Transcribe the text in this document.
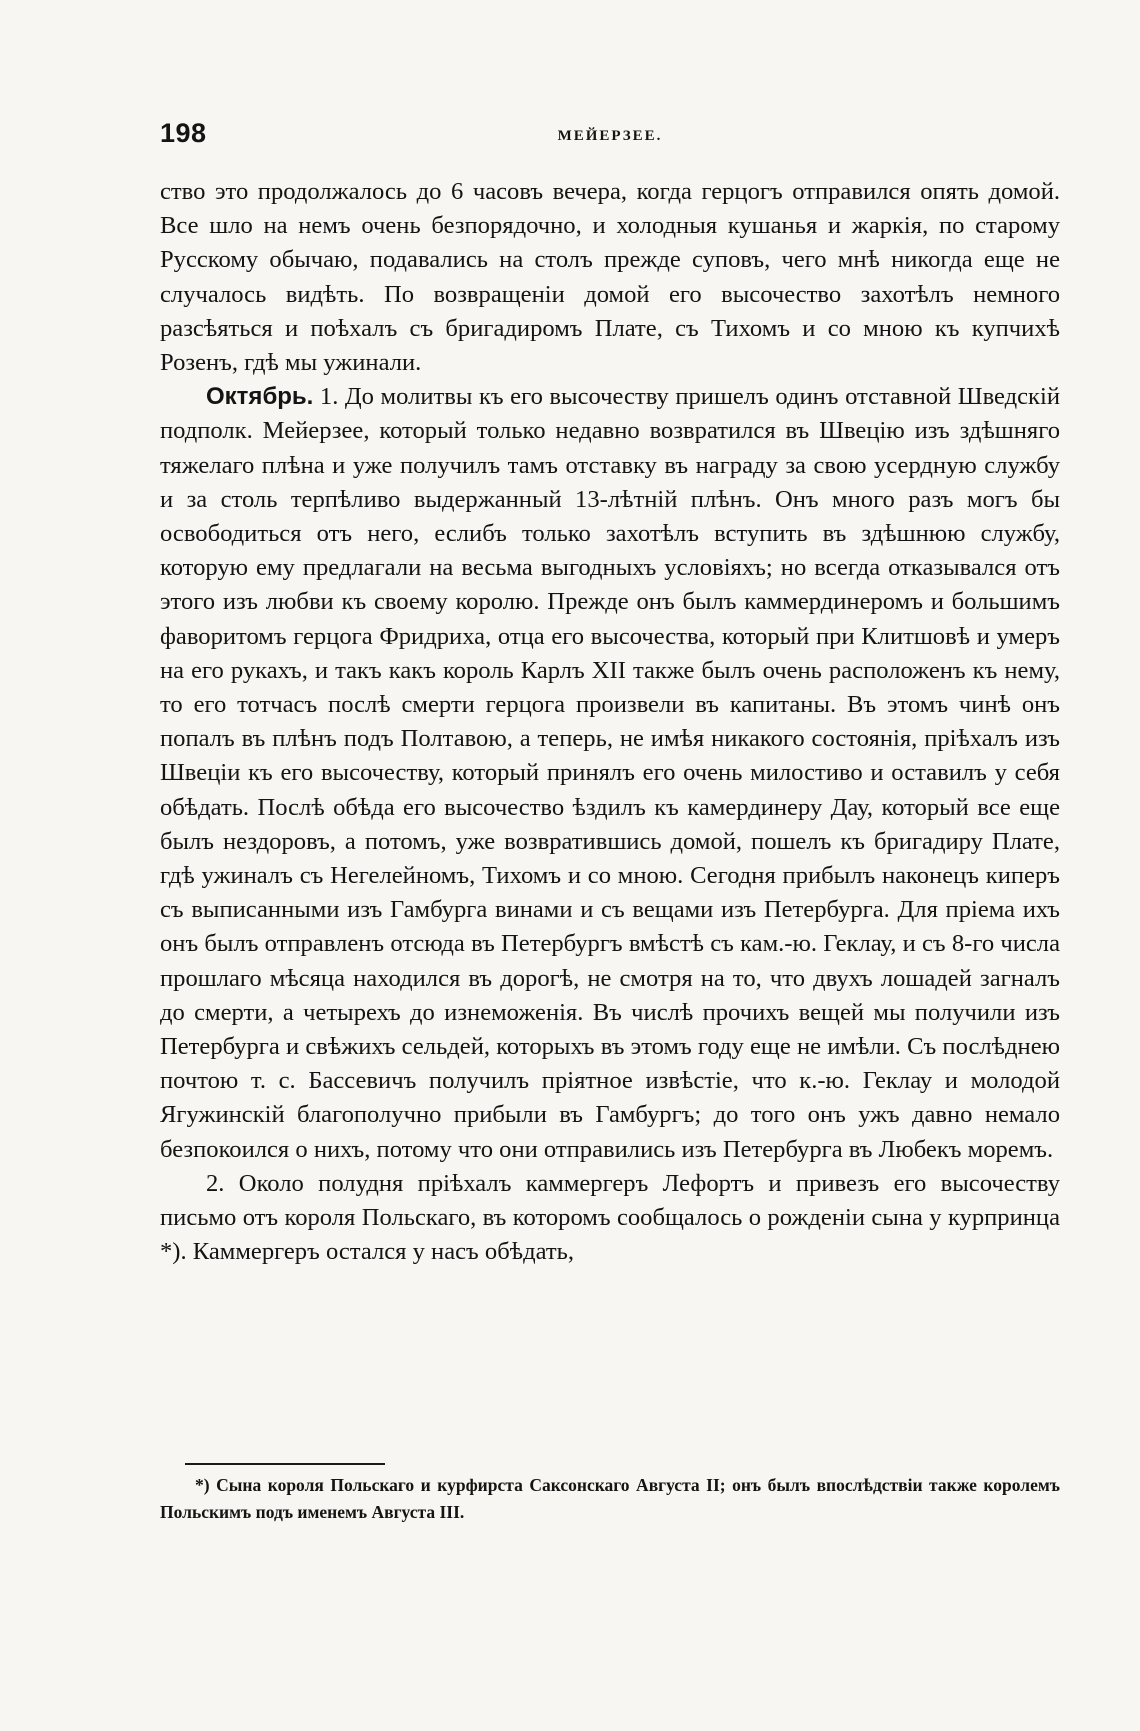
198	МЕЙЕРЗЕЕ.

ство это продолжалось до 6 часовъ вечера, когда герцогъ отправился опять домой. Все шло на немъ очень безпорядочно, и холодныя кушанья и жаркія, по старому Русскому обычаю, подавались на столъ прежде суповъ, чего мнѣ никогда еще не случалось видѣть. По возвращеніи домой его высочество захотѣлъ немного разсѣяться и поѣхалъ съ бригадиромъ Плате, съ Тихомъ и со мною къ купчихѣ Розенъ, гдѣ мы ужинали.

Октябрь. 1. До молитвы къ его высочеству пришелъ одинъ отставной Шведскій подполк. Мейерзее, который только недавно возвратился въ Швецію изъ здѣшняго тяжелаго плѣна и уже получилъ тамъ отставку въ награду за свою усердную службу и за столь терпѣливо выдержанный 13-лѣтній плѣнъ. Онъ много разъ могъ бы освободиться отъ него, еслибъ только захотѣлъ вступить въ здѣшнюю службу, которую ему предлагали на весьма выгодныхъ условіяхъ; но всегда отказывался отъ этого изъ любви къ своему королю. Прежде онъ былъ каммердинеромъ и большимъ фаворитомъ герцога Фридриха, отца его высочества, который при Клитшовѣ и умеръ на его рукахъ, и такъ какъ король Карлъ XII также былъ очень расположенъ къ нему, то его тотчасъ послѣ смерти герцога произвели въ капитаны. Въ этомъ чинѣ онъ попалъ въ плѣнъ подъ Полтавою, а теперь, не имѣя никакого состоянія, пріѣхалъ изъ Швеціи къ его высочеству, который принялъ его очень милостиво и оставилъ у себя обѣдать. Послѣ обѣда его высочество ѣздилъ къ камердинеру Дау, который все еще былъ нездоровъ, а потомъ, уже возвратившись домой, пошелъ къ бригадиру Плате, гдѣ ужиналъ съ Негелейномъ, Тихомъ и со мною. Сегодня прибылъ наконецъ киперъ съ выписанными изъ Гамбурга винами и съ вещами изъ Петербурга. Для пріема ихъ онъ былъ отправленъ отсюда въ Петербургъ вмѣстѣ съ кам.-ю. Геклау, и съ 8-го числа прошлаго мѣсяца находился въ дорогѣ, не смотря на то, что двухъ лошадей загналъ до смерти, а четырехъ до изнеможенія. Въ числѣ прочихъ вещей мы получили изъ Петербурга и свѣжихъ сельдей, которыхъ въ этомъ году еще не имѣли. Съ послѣднею почтою т. с. Бассевичъ получилъ пріятное извѣстіе, что к.-ю. Геклау и молодой Ягужинскій благополучно прибыли въ Гамбургъ; до того онъ ужъ давно немало безпокоился о нихъ, потому что они отправились изъ Петербурга въ Любекъ моремъ.

2. Около полудня пріѣхалъ каммергеръ Лефортъ и привезъ его высочеству письмо отъ короля Польскаго, въ которомъ сообщалось о рожденіи сына у курпринца *). Каммергеръ остался у насъ обѣдать,

*) Сына короля Польскаго и курфирста Саксонскаго Августа II; онъ былъ впослѣдствіи также королемъ Польскимъ подъ именемъ Августа III.
